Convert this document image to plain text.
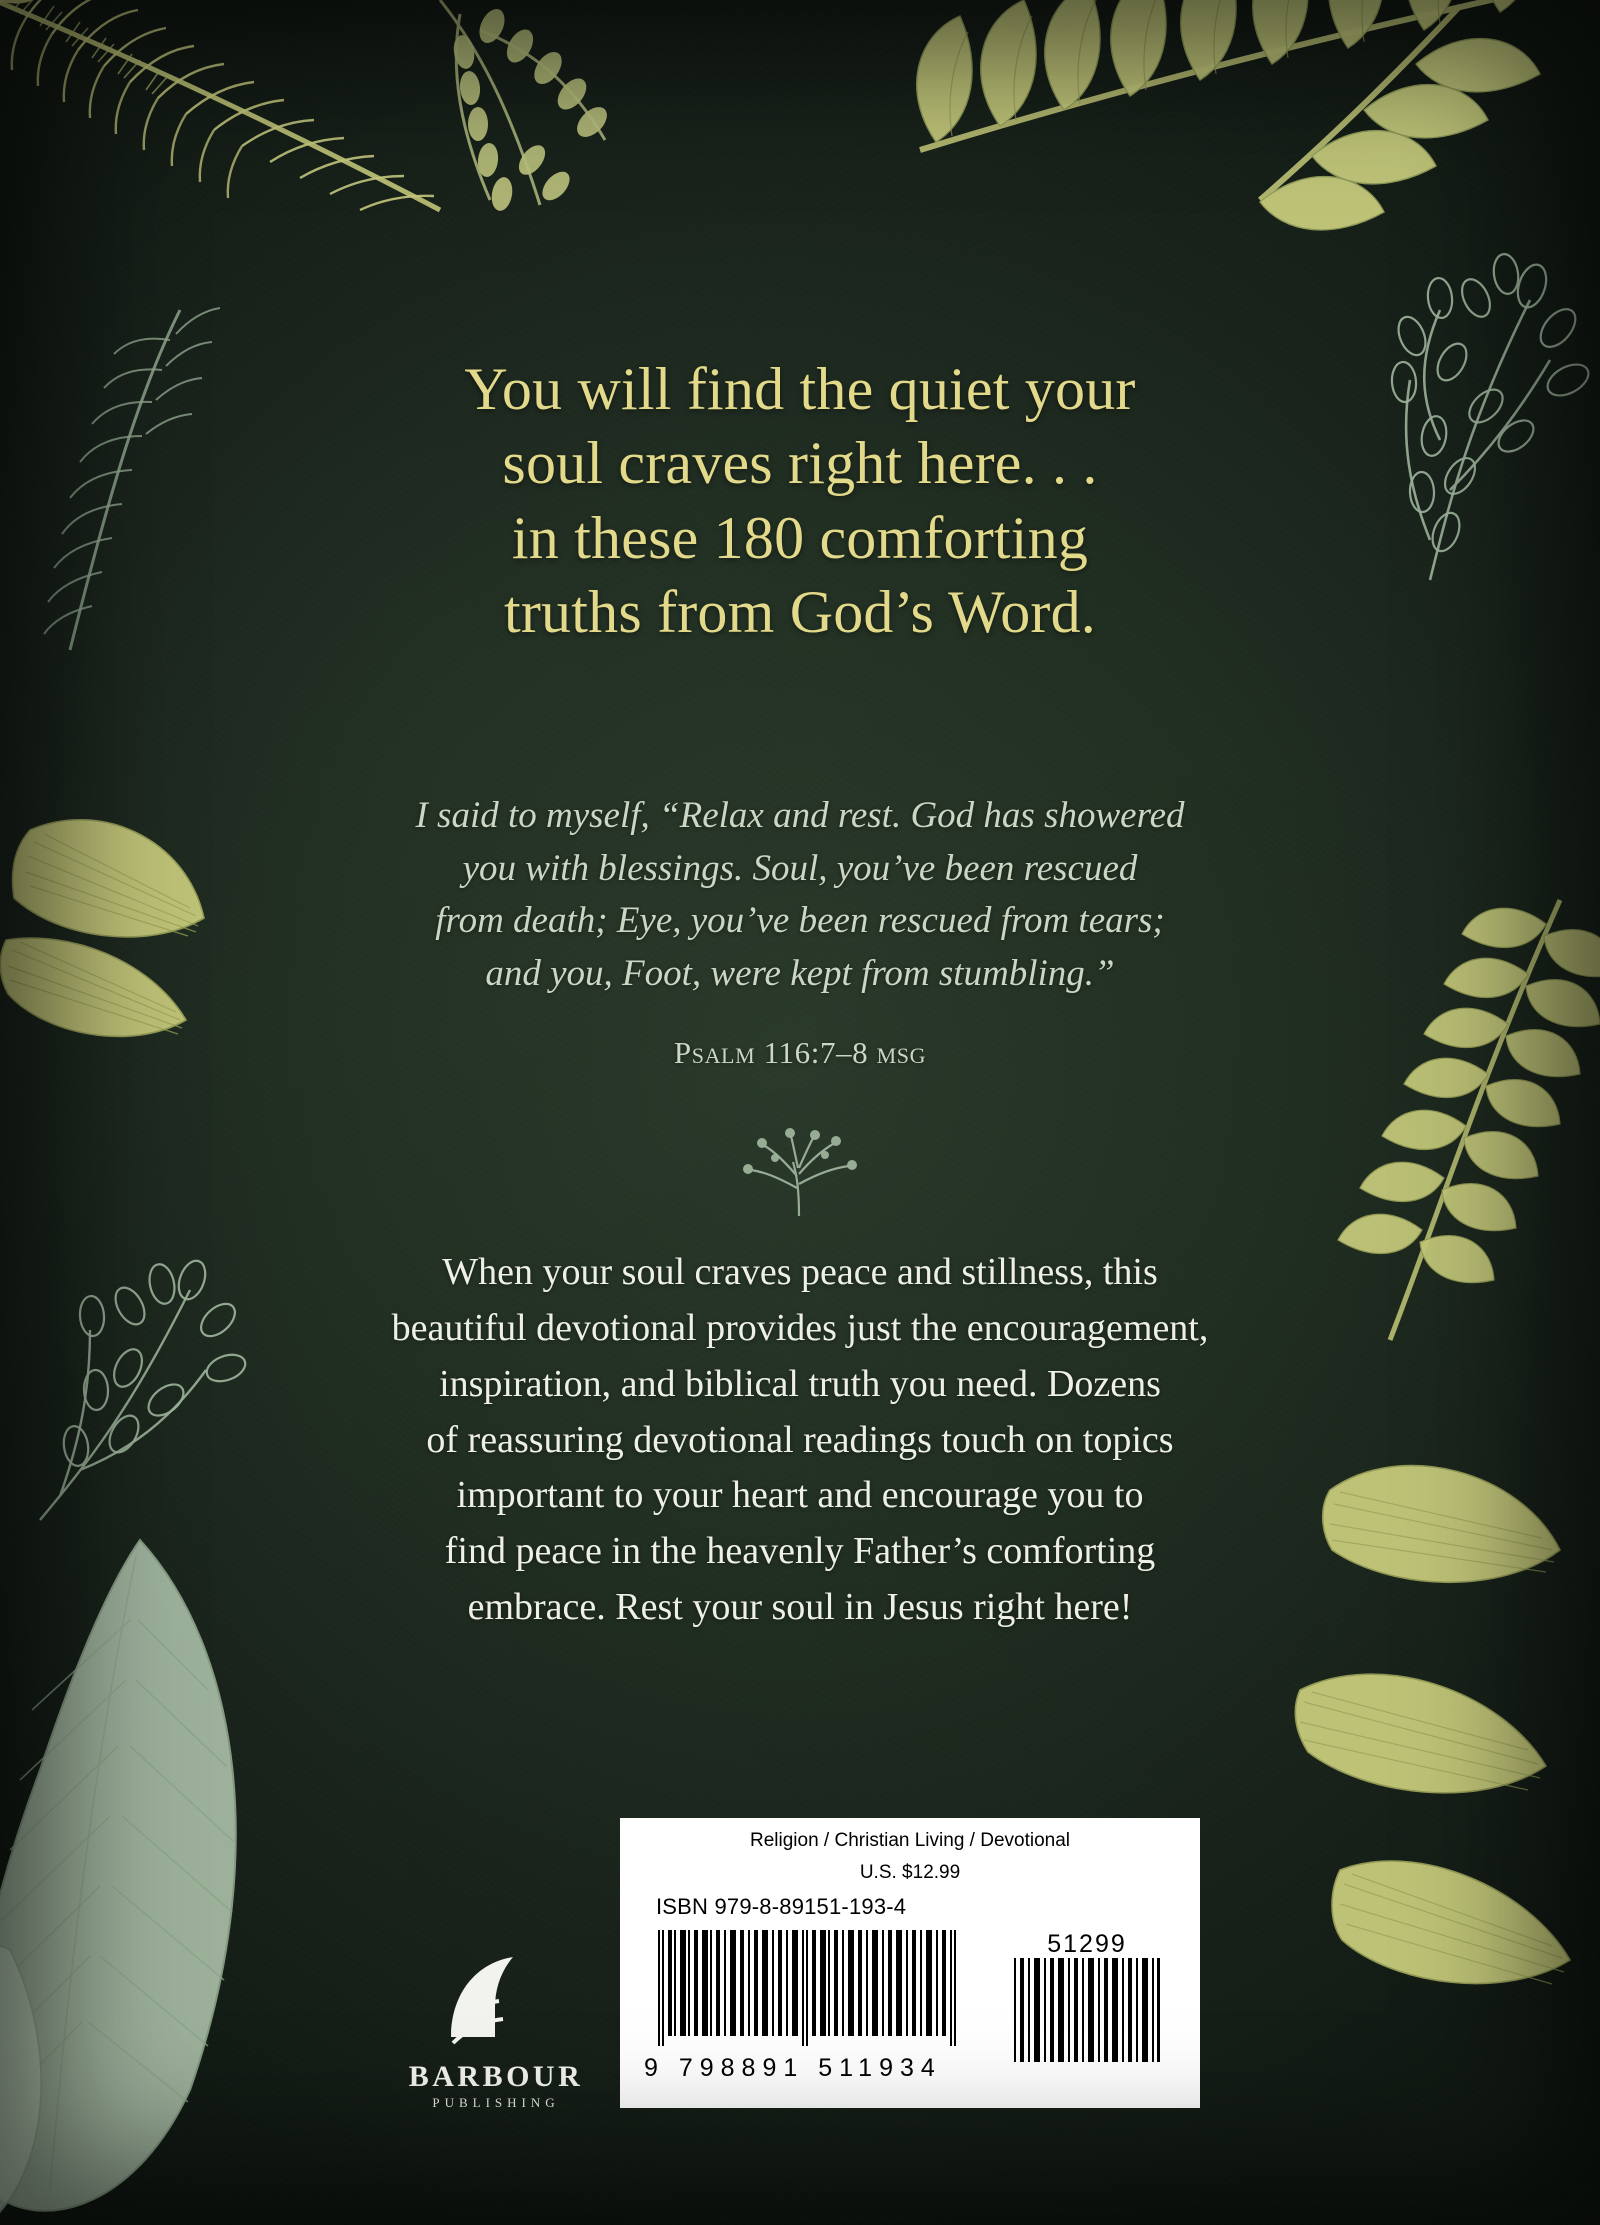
You will find the quiet your
soul craves right here. . .
in these 180 comforting
truths from God’s Word.
I said to myself, “Relax and rest. God has showered
you with blessings. Soul, you’ve been rescued
from death; Eye, you’ve been rescued from tears;
and you, Foot, were kept from stumbling.”
Psalm 116:7–8 msg
When your soul craves peace and stillness, this
beautiful devotional provides just the encouragement,
inspiration, and biblical truth you need. Dozens
of reassuring devotional readings touch on topics
important to your heart and encourage you to
find peace in the heavenly Father’s comforting
embrace. Rest your soul in Jesus right here!
BARBOUR PUBLISHING
Religion / Christian Living / Devotional
U.S. $12.99
ISBN 979-8-89151-193-4
9 798891 511934
51299
